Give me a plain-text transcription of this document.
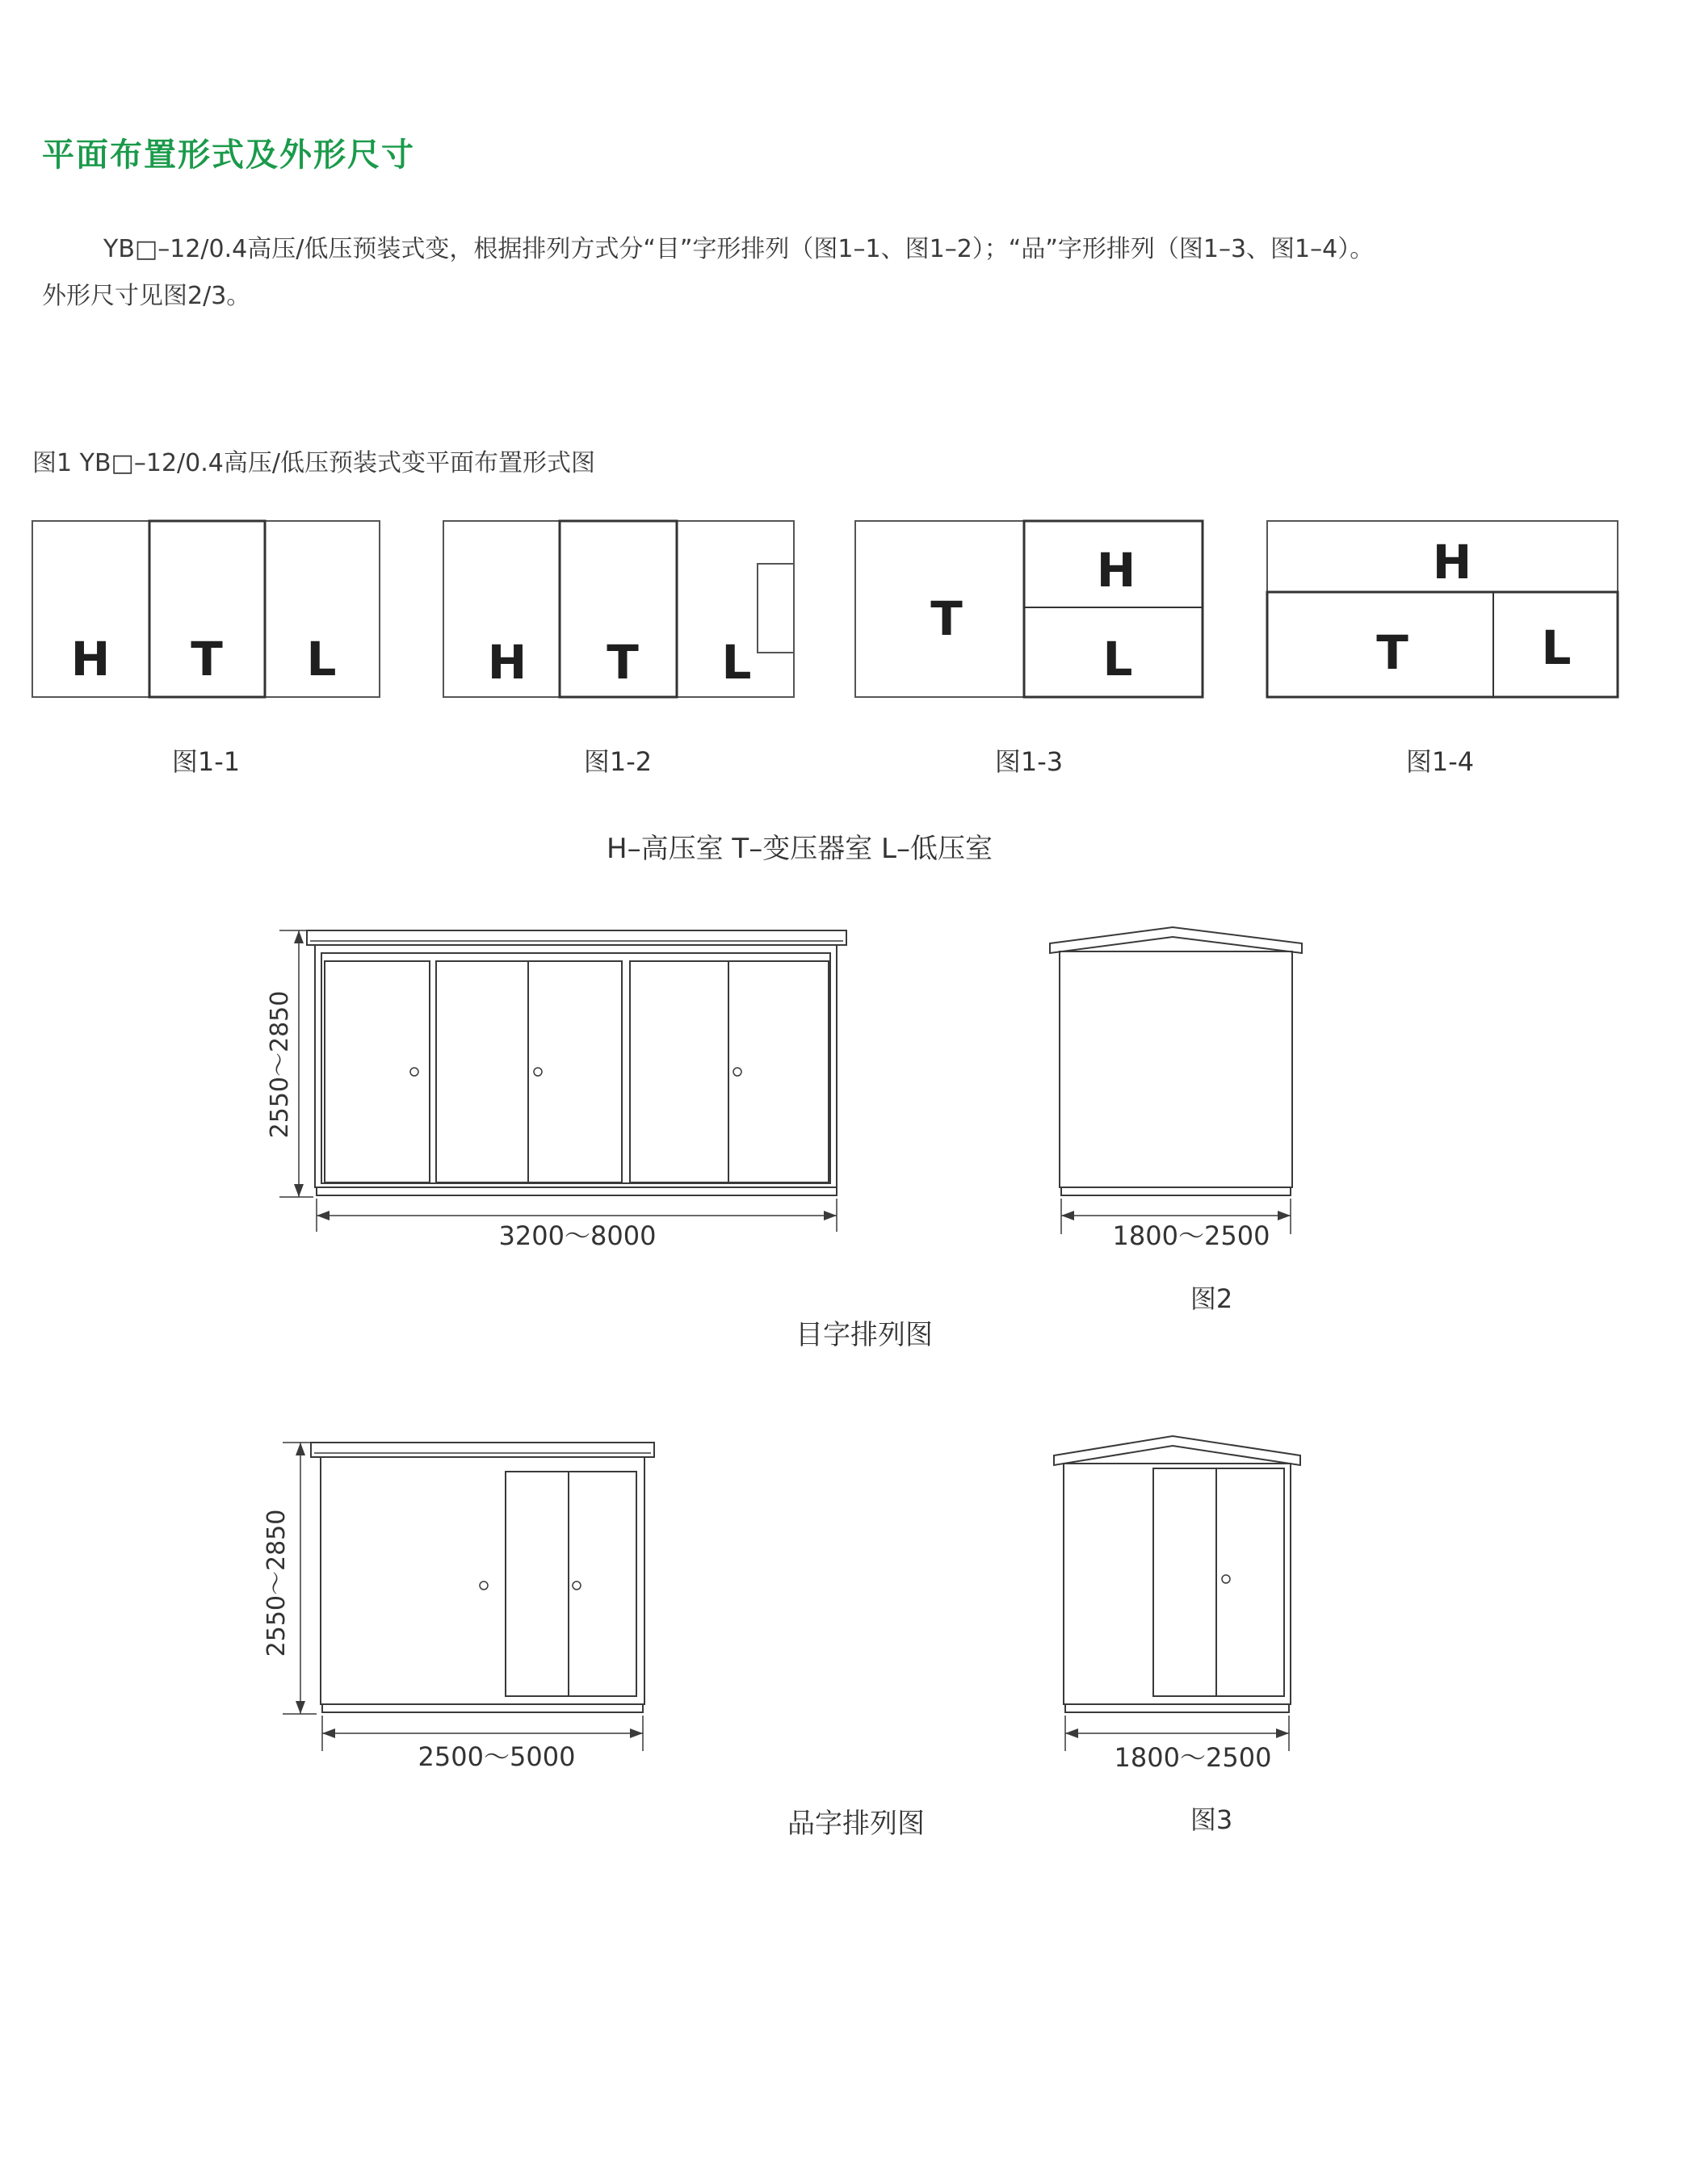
平面布置形式及外形尺寸

YB□–12/0.4高压/低压预装式变，根据排列方式分“目”字形排列（图1–1、图1–2）；“品”字形排列（图1–3、图1–4）。

外形尺寸见图2/3。

图1 YB□–12/0.4高压/低压预装式变平面布置形式图
H T L	H T L
T
H
L
H
T	L
2550～2850
2550～2850
图1-1	图1-2	图1-3	图1-4
H–高压室 T–变压器室 L–低压室
3200～8000	1800～2500
图2
目字排列图
2500～5000	1800～2500
图3
品字排列图
